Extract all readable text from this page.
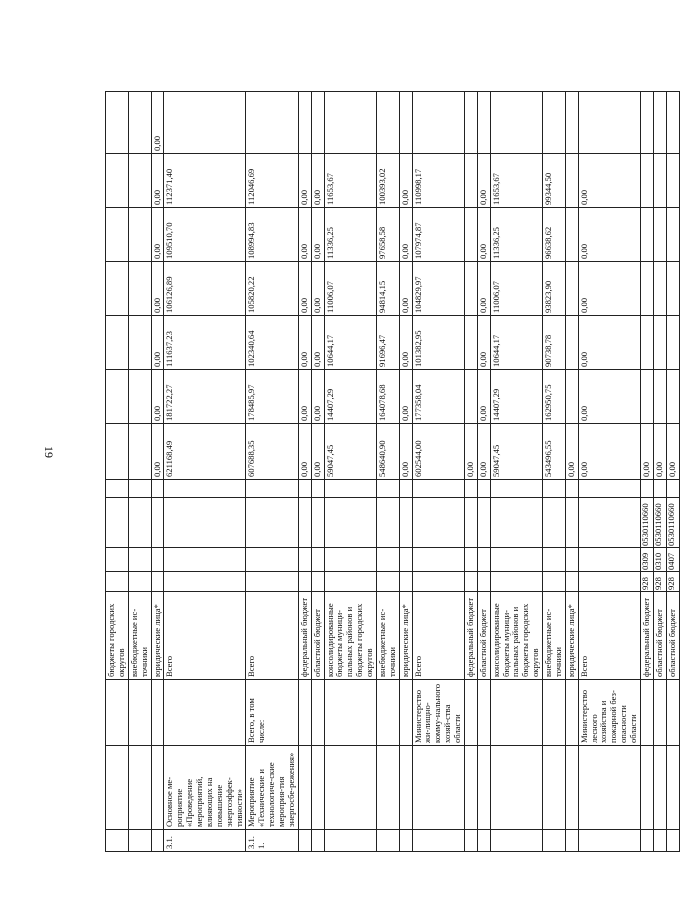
19
			бюджеты городских округов											
			внебюджетные ис-точники											
			юридические лица*					0,00	0,00	0,00	0,00	0,00	0,00	0,00
3.1.	Основное ме-роприятие «Проведение мероприятий, влияющих на повышение энергоэффек-тивности»		Всего					621168,49	181722,27	111637,23	106126,89	109510,70	112371,40	
3.1.1.	Мероприятие «Технические и технологиче-ские мероприя-тия энергосбе-режения»	Всего, в том числе:	Всего					607688,35	178485,97	102340,64	105820,22	108994,83	112046,69	
			федеральный бюджет					0,00	0,00	0,00	0,00	0,00	0,00	
			областной бюджет					0,00	0,00	0,00	0,00	0,00	0,00	
			консолидированные бюджеты муници-пальных районов и бюджеты городских округов					59047,45	14407,29	10644,17	11006,07	11336,25	11653,67	
			внебюджетные ис-точники					548640,90	164078,68	91696,47	94814,15	97658,58	100393,02	
			юридические лица*					0,00	0,00	0,00	0,00	0,00	0,00	
		Министерство жи-лищно-комму-нального хозяй-ства области	Всего					602544,00	177358,04	101382,95	104829,97	107974,87	110998,17	
			федеральный бюджет					0,00						
			областной бюджет					0,00	0,00	0,00	0,00	0,00	0,00	
			консолидированные бюджеты муници-пальных районов и бюджеты городских округов					59047,45	14407,29	10644,17	11006,07	11336,25	11653,67	
			внебюджетные ис-точники					543496,55	162950,75	90738,78	93823,90	96638,62	99344,50	
			юридические лица*					0,00						
		Министерство лесного хозяйства и пожарной без-опасности области	Всего					0,00	0,00	0,00	0,00	0,00	0,00	
			федеральный бюджет	928	0309	0530110660		0,00						
			областной бюджет	928	0310	0530110660		0,00						
			областной бюджет	928	0407	0530110660		0,00						
